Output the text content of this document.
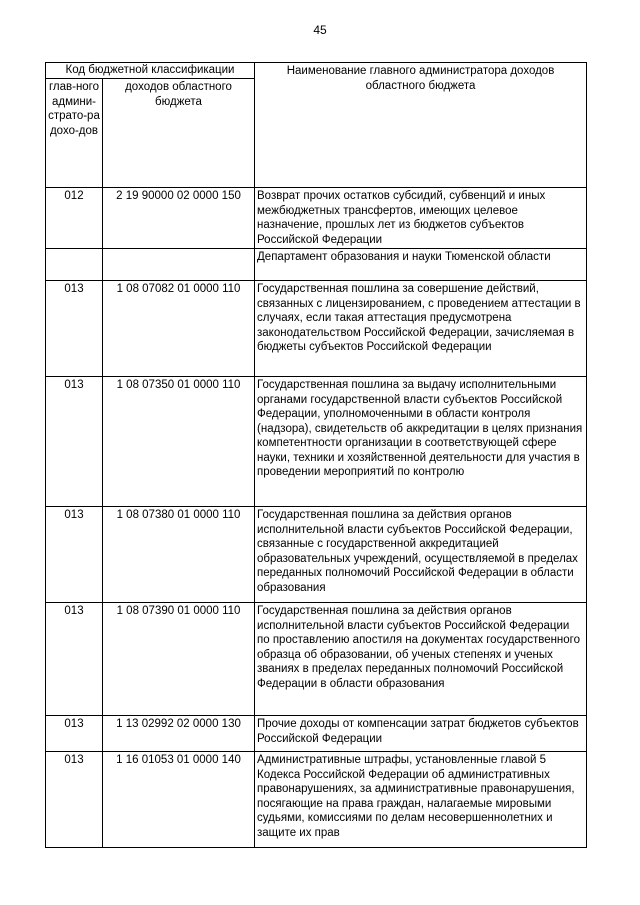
45
Код бюджетной классификации		Наименование главного администратора доходов областного бюджета
глав-ного админи-страто-ра дохо-дов	доходов областного бюджета	
012	2 19 90000 02 0000 150	Возврат прочих остатков субсидий, субвенций и иных межбюджетных трансфертов, имеющих целевое назначение, прошлых лет из бюджетов субъектов Российской Федерации
		Департамент образования и науки Тюменской области
013	1 08 07082 01 0000 110	Государственная пошлина за совершение действий, связанных с лицензированием, с проведением аттестации в случаях, если такая аттестация предусмотрена законодательством Российской Федерации, зачисляемая в бюджеты субъектов Российской Федерации
013	1 08 07350 01 0000 110	Государственная пошлина за выдачу исполнительными органами государственной власти субъектов Российской Федерации, уполномоченными в области контроля (надзора), свидетельств об аккредитации в целях признания компетентности организации в соответствующей сфере науки, техники и хозяйственной деятельности для участия в проведении мероприятий по контролю
013	1 08 07380 01 0000 110	Государственная пошлина за действия органов исполнительной власти субъектов Российской Федерации, связанные с государственной аккредитацией образовательных учреждений, осуществляемой в пределах переданных полномочий Российской Федерации в области образования
013	1 08 07390 01 0000 110	Государственная пошлина за действия органов исполнительной власти субъектов Российской Федерации по проставлению апостиля на документах государственного образца об образовании, об ученых степенях и ученых званиях в пределах переданных полномочий Российской Федерации в области образования
013	1 13 02992 02 0000 130	Прочие доходы от компенсации затрат бюджетов субъектов Российской Федерации
013	1 16 01053 01 0000 140	Административные штрафы, установленные главой 5 Кодекса Российской Федерации об административных правонарушениях, за административные правонарушения, посягающие на права граждан, налагаемые мировыми судьями, комиссиями по делам несовершеннолетних и защите их прав
